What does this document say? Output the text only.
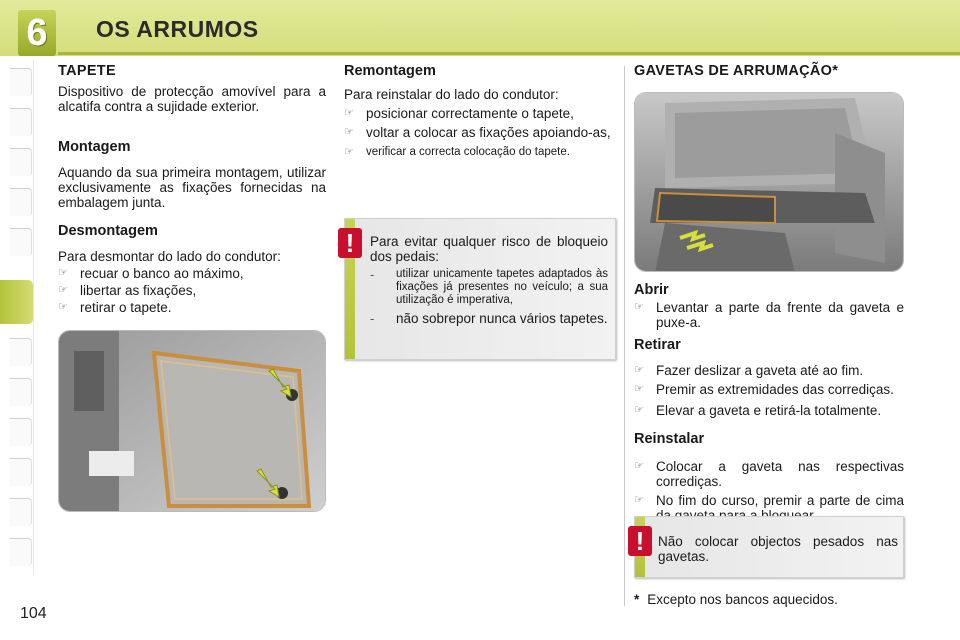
6	OS ARRUMOS
TAPETE

Dispositivo de protecção amovível para a alcatifa contra a sujidade exterior.

Montagem

Aquando da sua primeira montagem, utilizar exclusivamente as fixações fornecidas na embalagem junta.

Desmontagem

Para desmontar do lado do condutor:

☞ recuar o banco ao máximo,
☞ libertar as fixações,
☞ retirar o tapete.
Remontagem

Para reinstalar do lado do condutor:

☞ posicionar correctamente o tapete,
☞ voltar a colocar as fixações apoiando-as,
☞ verificar a correcta colocação do tapete.
!	Para evitar qualquer risco de bloqueio dos pedais:

- utilizar unicamente tapetes adaptados às fixações já presentes no veículo; a sua utilização é imperativa,
- não sobrepor nunca vários tapetes.
GAVETAS DE ARRUMAÇÃO*
Abrir
☞ Levantar a parte da frente da gaveta e puxe-a.
Retirar
☞ Fazer deslizar a gaveta até ao fim.
☞ Premir as extremidades das corrediças.
☞ Elevar a gaveta e retirá-la totalmente.
Reinstalar
☞ Colocar a gaveta nas respectivas corrediças.
☞ No fim do curso, premir a parte de cima
!	Não colocar objectos pesados nas gavetas.
* Excepto nos bancos aquecidos.
104
